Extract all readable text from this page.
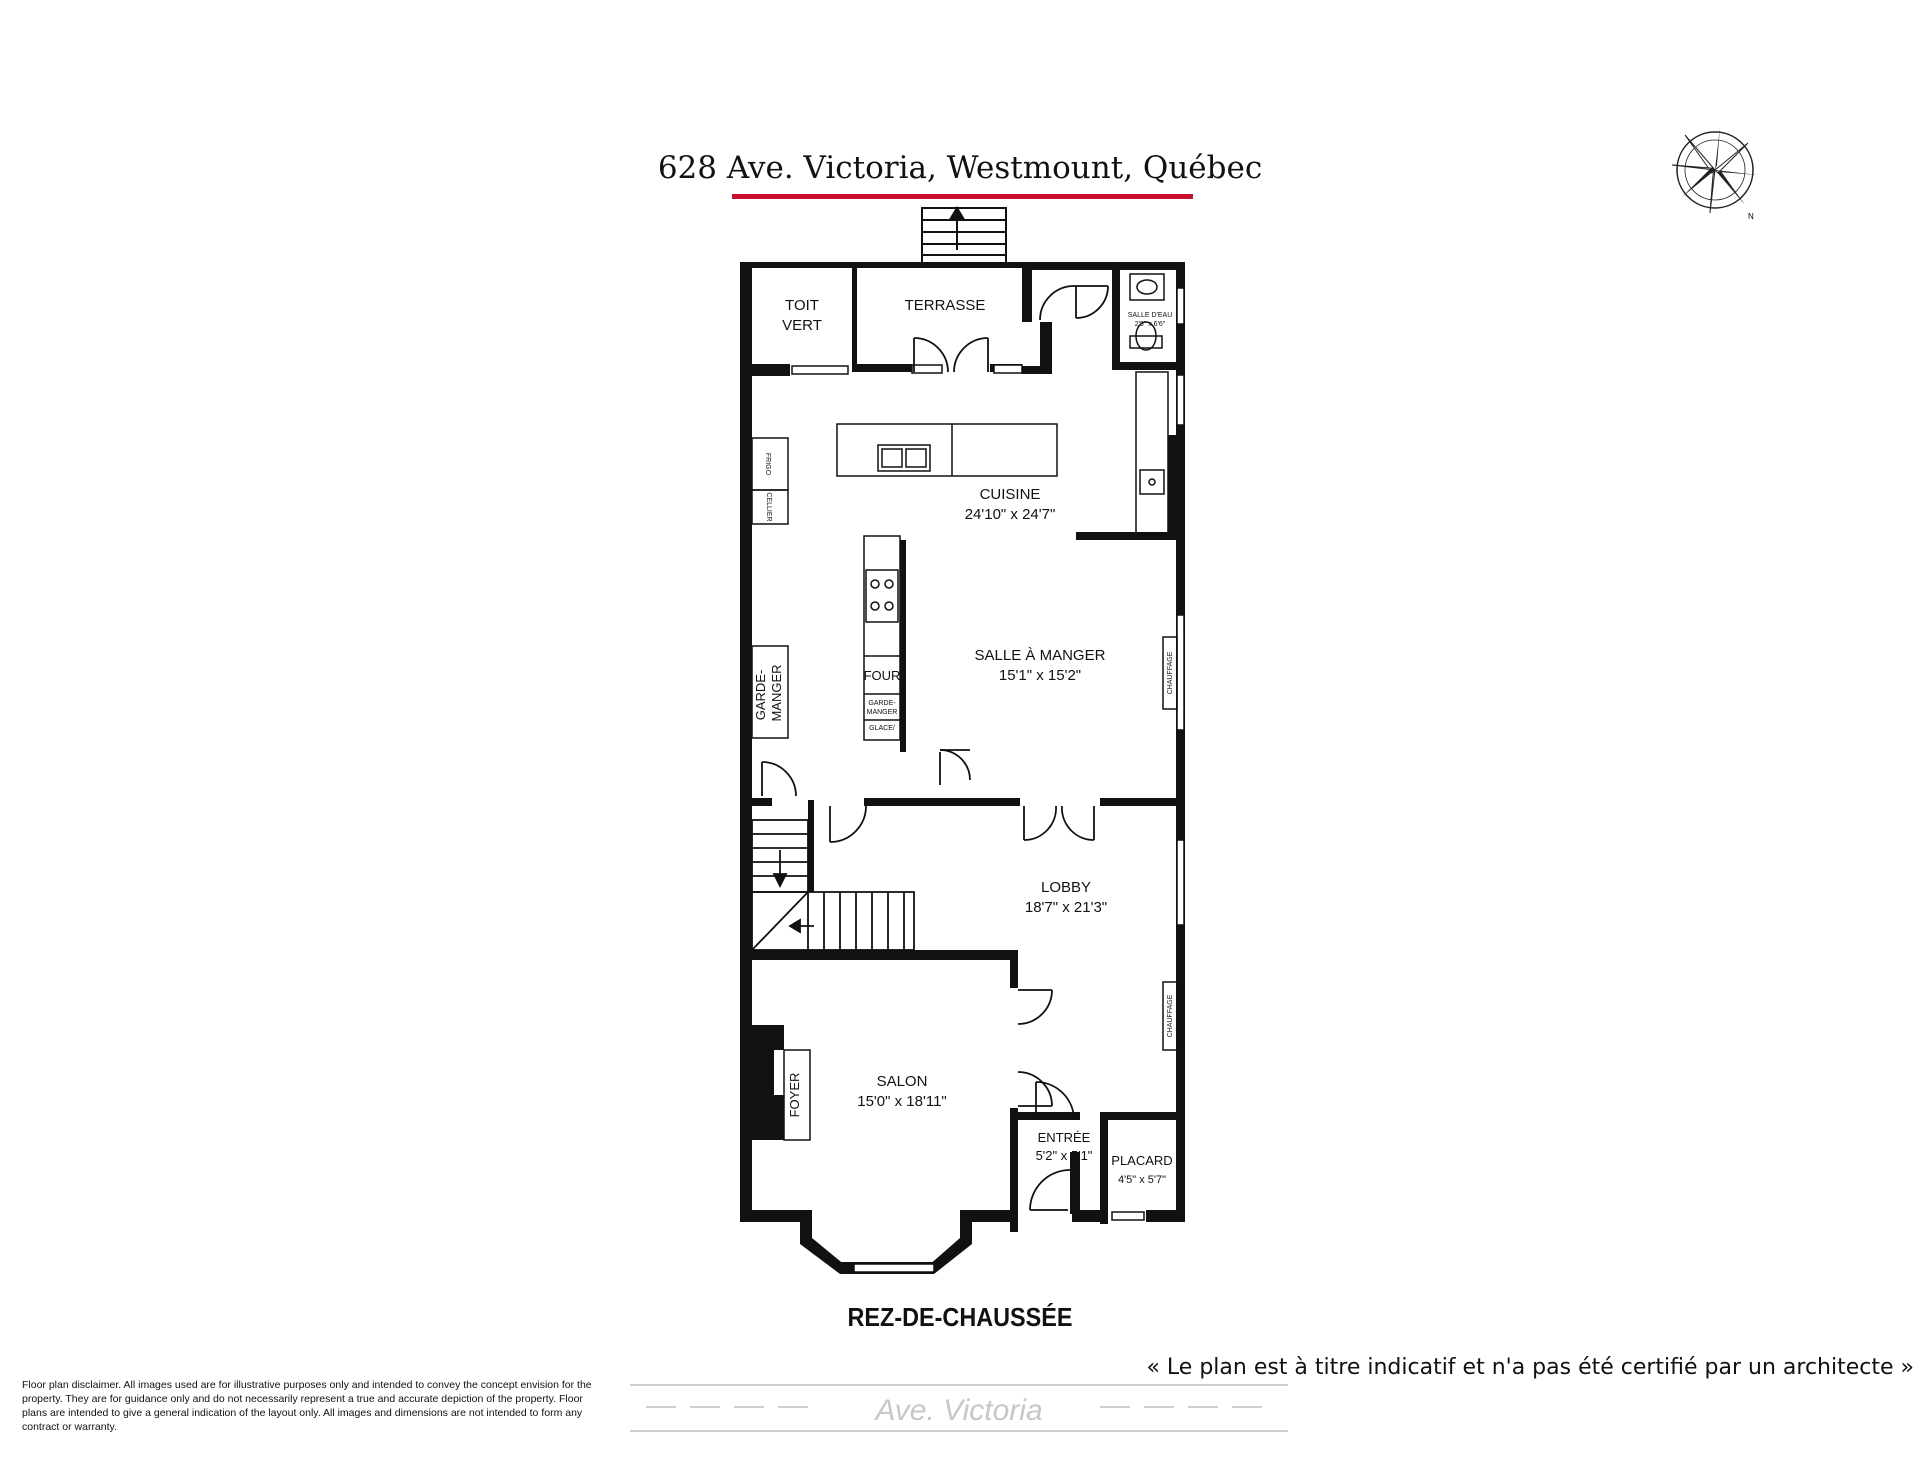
628 Ave. Victoria, Westmount, Québec
N
TOIT
VERT
TERRASSE
SALLE D'EAU
2'8" x 6'6"
FRIGO
CELLIER
GARDE- MANGER	FOUR
GARDE-
MANGER
GLACE/
CHAUFFAGE
CHAUFFAGE
FOYER
CUISINE
24'10" x 24'7"
SALLE À MANGER
15'1" x 15'2"
LOBBY
18'7" x 21'3"
SALON
15'0" x 18'11"
ENTRÉE
5'2" x 5'1" PLACARD
4'5" x 5'7"
REZ-DE-CHAUSSÉE
« Le plan est à titre indicatif et n'a pas été certifié par un architecte »
Floor plan disclaimer. All images used are for illustrative purposes only and intended to convey the concept envision for the property. They are for guidance only and do not necessarily represent a true and accurate depiction of the property. Floor plans are intended to give a general indication of the layout only. All images and dimensions are not intended to form any contract or warranty.	Ave. Victoria
